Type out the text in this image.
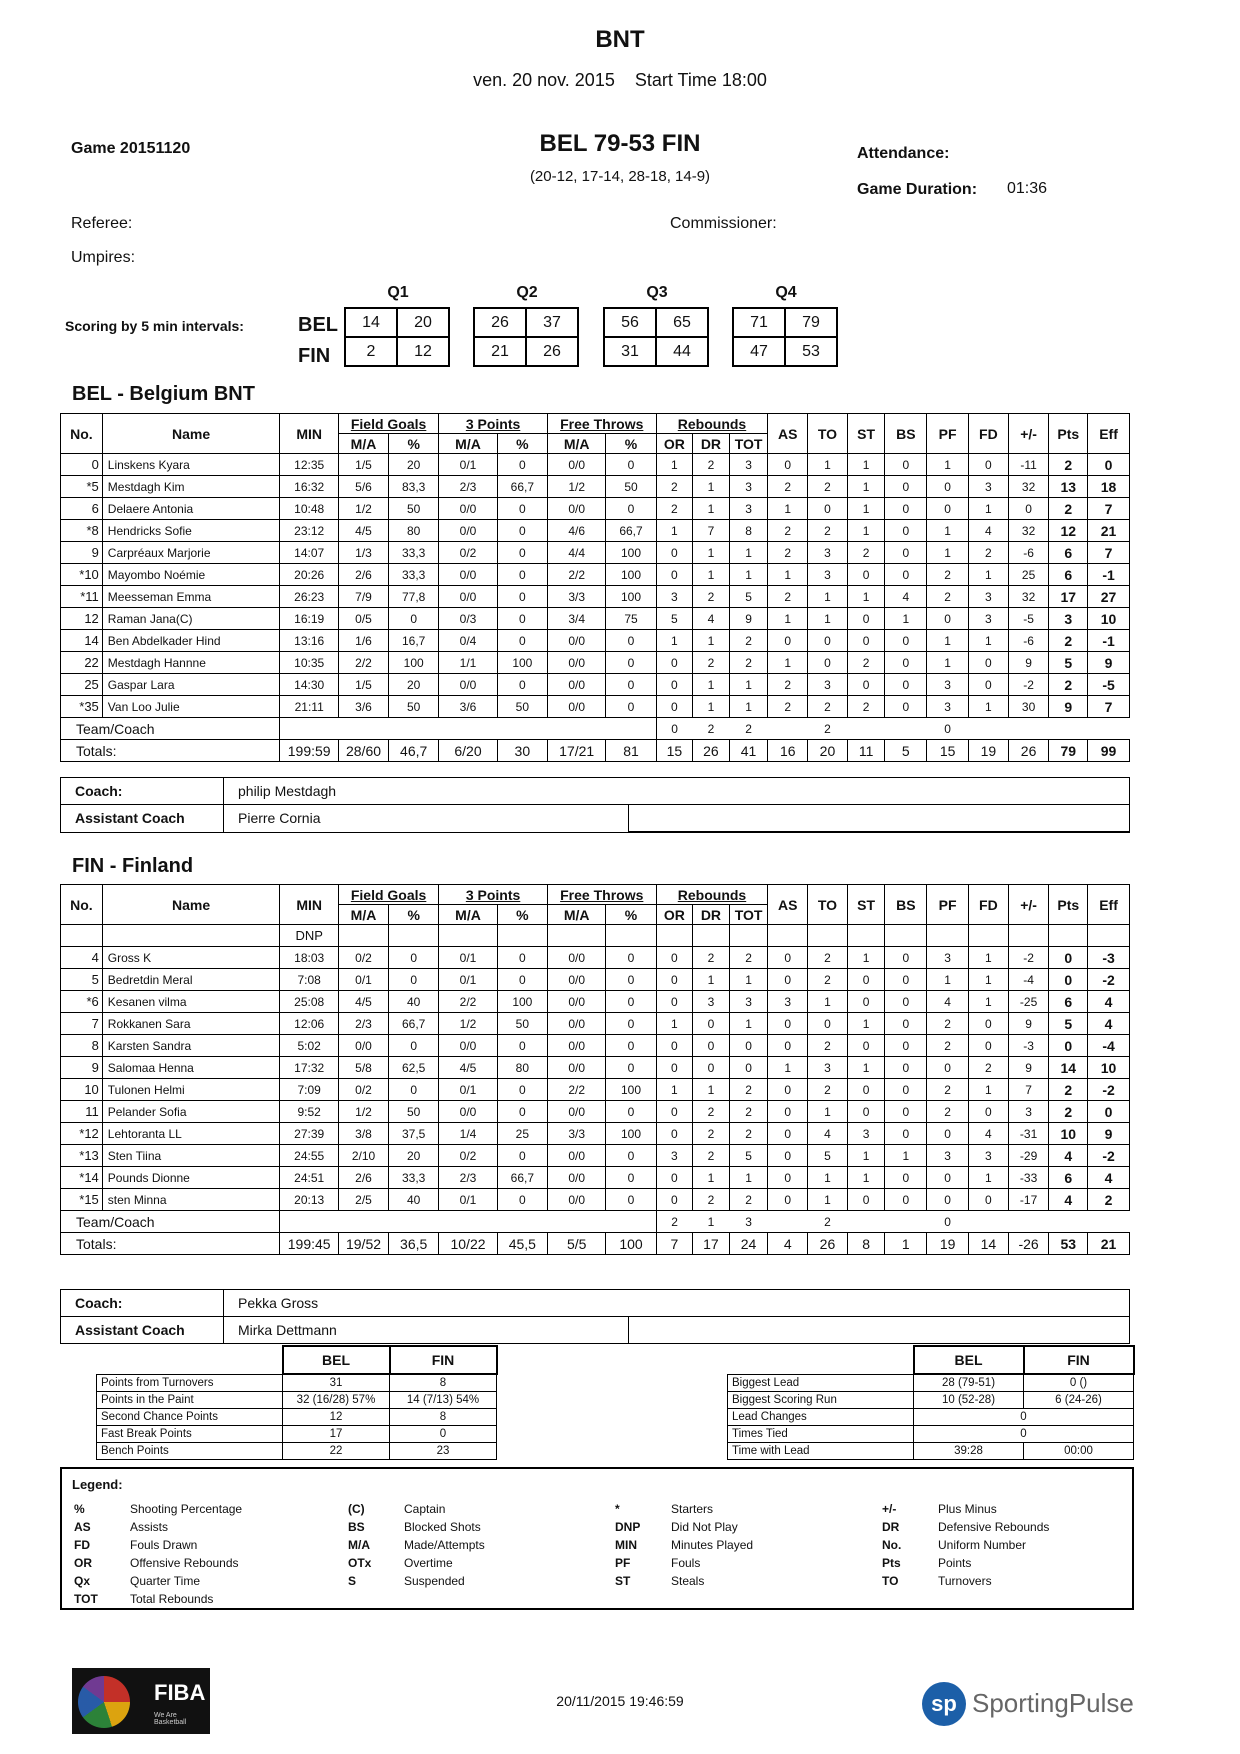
BNT
ven. 20 nov. 2015    Start Time 18:00
Game 20151120	BEL 79-53 FIN
(20-12, 17-14, 28-18, 14-9)
Attendance:
Game Duration: 01:36
Referee:	Commissioner:
Umpires:
Scoring by 5 min intervals:	BEL
FIN
Q1
14	20
2	12
Q2
26	37
21	26
Q3
56	65
31	44
Q4
71	79
47	53
BEL - Belgium BNT
No.	Name	MIN	Field Goals		3 Points		Free Throws		Rebounds			AS	TO	ST	BS	PF	FD	+/-	Pts	Eff
			M/A	%	M/A	%	M/A	%	OR	DR	TOT									
0	Linskens Kyara	12:35	1/5	20	0/1	0	0/0	0	1	2	3	0	1	1	0	1	0	-11	2	0
*5	Mestdagh Kim	16:32	5/6	83,3	2/3	66,7	1/2	50	2	1	3	2	2	1	0	0	3	32	13	18
6	Delaere Antonia	10:48	1/2	50	0/0	0	0/0	0	2	1	3	1	0	1	0	0	1	0	2	7
*8	Hendricks Sofie	23:12	4/5	80	0/0	0	4/6	66,7	1	7	8	2	2	1	0	1	4	32	12	21
9	Carpréaux Marjorie	14:07	1/3	33,3	0/2	0	4/4	100	0	1	1	2	3	2	0	1	2	-6	6	7
*10	Mayombo Noémie	20:26	2/6	33,3	0/0	0	2/2	100	0	1	1	1	3	0	0	2	1	25	6	-1
*11	Meesseman Emma	26:23	7/9	77,8	0/0	0	3/3	100	3	2	5	2	1	1	4	2	3	32	17	27
12	Raman Jana(C)	16:19	0/5	0	0/3	0	3/4	75	5	4	9	1	1	0	1	0	3	-5	3	10
14	Ben Abdelkader Hind	13:16	1/6	16,7	0/4	0	0/0	0	1	1	2	0	0	0	0	1	1	-6	2	-1
22	Mestdagh Hannne	10:35	2/2	100	1/1	100	0/0	0	0	2	2	1	0	2	0	1	0	9	5	9
25	Gaspar Lara	14:30	1/5	20	0/0	0	0/0	0	0	1	1	2	3	0	0	3	0	-2	2	-5
*35	Van Loo Julie	21:11	3/6	50	3/6	50	0/0	0	0	1	1	2	2	2	0	3	1	30	9	7
Team/Coach									0	2	2		2			0				
Totals:		199:59	28/60	46,7	6/20	30	17/21	81	15	26	41	16	20	11	5	15	19	26	79	99
Coach:	philip Mestdagh	
Assistant Coach	Pierre Cornia	
FIN - Finland
No.	Name	MIN	Field Goals		3 Points		Free Throws		Rebounds			AS	TO	ST	BS	PF	FD	+/-	Pts	Eff
			M/A	%	M/A	%	M/A	%	OR	DR	TOT									
		DNP																		
4	Gross K	18:03	0/2	0	0/1	0	0/0	0	0	2	2	0	2	1	0	3	1	-2	0	-3
5	Bedretdin Meral	7:08	0/1	0	0/1	0	0/0	0	0	1	1	0	2	0	0	1	1	-4	0	-2
*6	Kesanen vilma	25:08	4/5	40	2/2	100	0/0	0	0	3	3	3	1	0	0	4	1	-25	6	4
7	Rokkanen Sara	12:06	2/3	66,7	1/2	50	0/0	0	1	0	1	0	0	1	0	2	0	9	5	4
8	Karsten Sandra	5:02	0/0	0	0/0	0	0/0	0	0	0	0	0	2	0	0	2	0	-3	0	-4
9	Salomaa Henna	17:32	5/8	62,5	4/5	80	0/0	0	0	0	0	1	3	1	0	0	2	9	14	10
10	Tulonen Helmi	7:09	0/2	0	0/1	0	2/2	100	1	1	2	0	2	0	0	2	1	7	2	-2
11	Pelander Sofia	9:52	1/2	50	0/0	0	0/0	0	0	2	2	0	1	0	0	2	0	3	2	0
*12	Lehtoranta LL	27:39	3/8	37,5	1/4	25	3/3	100	0	2	2	0	4	3	0	0	4	-31	10	9
*13	Sten Tiina	24:55	2/10	20	0/2	0	0/0	0	3	2	5	0	5	1	1	3	3	-29	4	-2
*14	Pounds Dionne	24:51	2/6	33,3	2/3	66,7	0/0	0	0	1	1	0	1	1	0	0	1	-33	6	4
*15	sten Minna	20:13	2/5	40	0/1	0	0/0	0	0	2	2	0	1	0	0	0	0	-17	4	2
Team/Coach									2	1	3		2			0				
Totals:		199:45	19/52	36,5	10/22	45,5	5/5	100	7	17	24	4	26	8	1	19	14	-26	53	21
Coach:	Pekka Gross	
Assistant Coach	Mirka Dettmann	
	BEL	FIN
Points from Turnovers	31	8
Points in the Paint	32 (16/28) 57%	14 (7/13) 54%
Second Chance Points	12	8
Fast Break Points	17	0
Bench Points	22	23
	BEL	FIN
Biggest Lead	28 (79-51)	0 ()
Biggest Scoring Run	10 (52-28)	6 (24-26)
Lead Changes	0	
Times Tied	0	
Time with Lead	39:28	00:00
Legend:
%	Shooting Percentage
AS	Assists
FD	Fouls Drawn
OR	Offensive Rebounds
Qx	Quarter Time
TOT	Total Rebounds
(C)	Captain
BS	Blocked Shots
M/A	Made/Attempts
OTx	Overtime
S	Suspended
*	Starters
DNP	Did Not Play
MIN	Minutes Played
PF	Fouls
ST	Steals
+/-	Plus Minus
DR	Defensive Rebounds
No.	Uniform Number
Pts	Points
TO	Turnovers
FIBA
We Are Basketball
20/11/2015 19:46:59	sp SportingPulse
